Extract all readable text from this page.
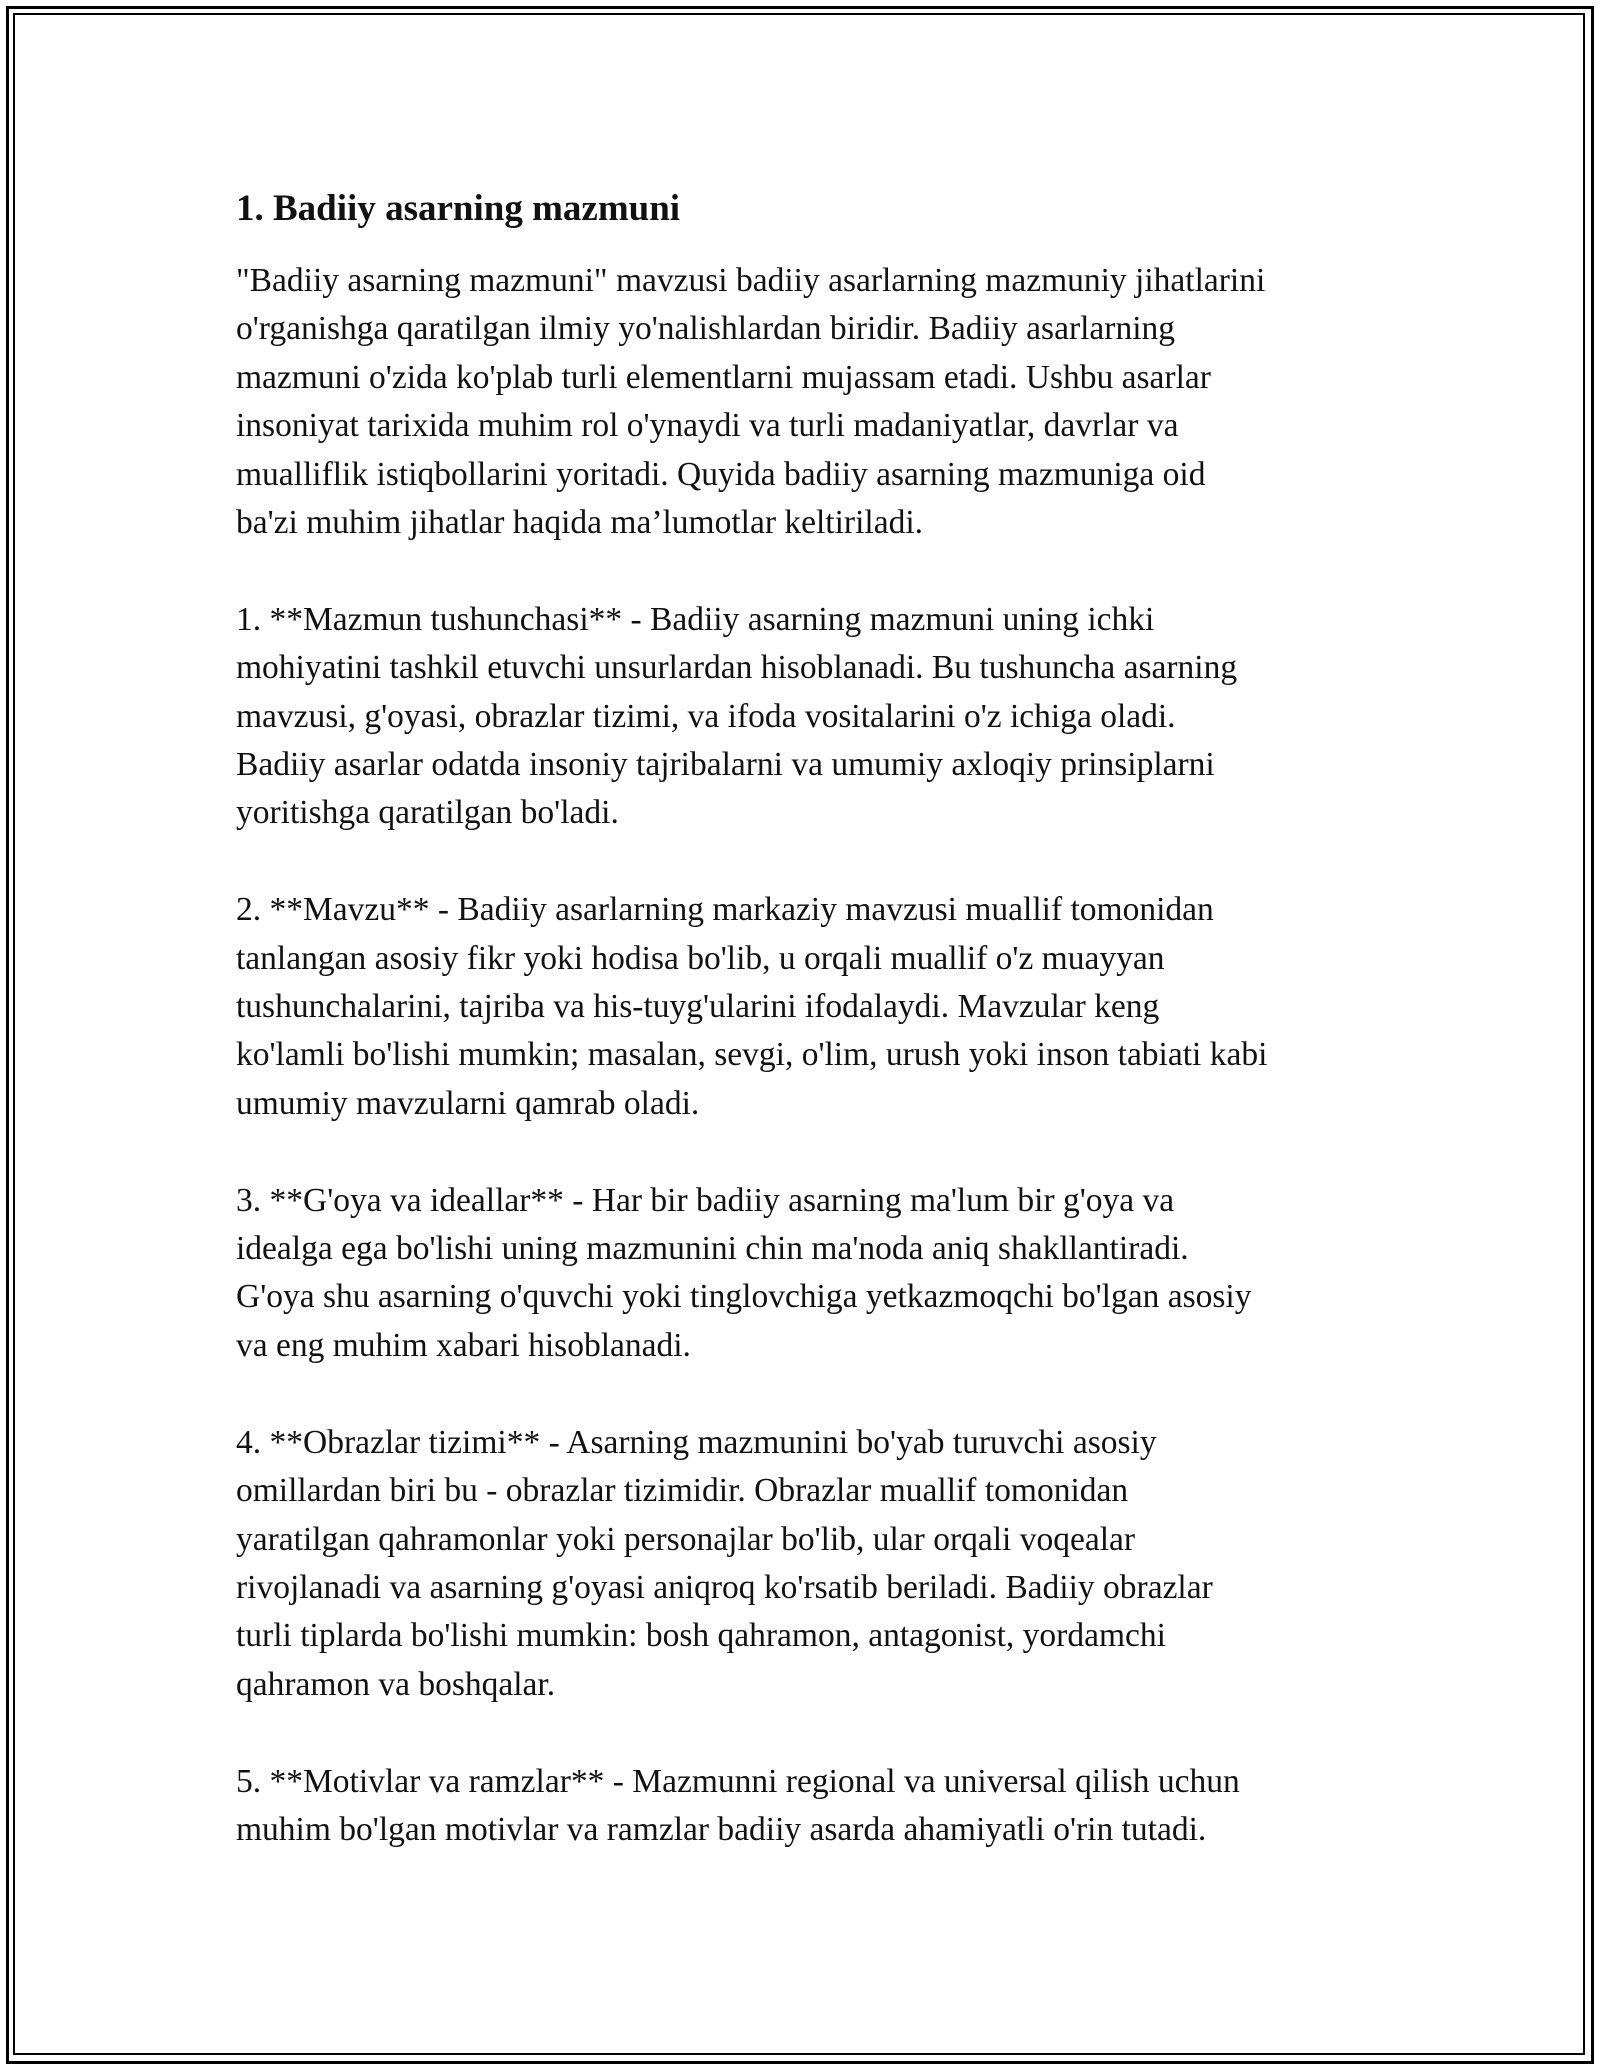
1. Badiiy asarning mazmuni

"Badiiy asarning mazmuni" mavzusi badiiy asarlarning mazmuniy jihatlarini
o'rganishga qaratilgan ilmiy yo'nalishlardan biridir. Badiiy asarlarning
mazmuni o'zida ko'plab turli elementlarni mujassam etadi. Ushbu asarlar
insoniyat tarixida muhim rol o'ynaydi va turli madaniyatlar, davrlar va
mualliflik istiqbollarini yoritadi. Quyida badiiy asarning mazmuniga oid
ba'zi muhim jihatlar haqida ma’lumotlar keltiriladi.

1. **Mazmun tushunchasi** - Badiiy asarning mazmuni uning ichki
mohiyatini tashkil etuvchi unsurlardan hisoblanadi. Bu tushuncha asarning
mavzusi, g'oyasi, obrazlar tizimi, va ifoda vositalarini o'z ichiga oladi.
Badiiy asarlar odatda insoniy tajribalarni va umumiy axloqiy prinsiplarni
yoritishga qaratilgan bo'ladi.

2. **Mavzu** - Badiiy asarlarning markaziy mavzusi muallif tomonidan
tanlangan asosiy fikr yoki hodisa bo'lib, u orqali muallif o'z muayyan
tushunchalarini, tajriba va his-tuyg'ularini ifodalaydi. Mavzular keng
ko'lamli bo'lishi mumkin; masalan, sevgi, o'lim, urush yoki inson tabiati kabi
umumiy mavzularni qamrab oladi.

3. **G'oya va ideallar** - Har bir badiiy asarning ma'lum bir g'oya va
idealga ega bo'lishi uning mazmunini chin ma'noda aniq shakllantiradi.
G'oya shu asarning o'quvchi yoki tinglovchiga yetkazmoqchi bo'lgan asosiy
va eng muhim xabari hisoblanadi.

4. **Obrazlar tizimi** - Asarning mazmunini bo'yab turuvchi asosiy
omillardan biri bu - obrazlar tizimidir. Obrazlar muallif tomonidan
yaratilgan qahramonlar yoki personajlar bo'lib, ular orqali voqealar
rivojlanadi va asarning g'oyasi aniqroq ko'rsatib beriladi. Badiiy obrazlar
turli tiplarda bo'lishi mumkin: bosh qahramon, antagonist, yordamchi
qahramon va boshqalar.

5. **Motivlar va ramzlar** - Mazmunni regional va universal qilish uchun
muhim bo'lgan motivlar va ramzlar badiiy asarda ahamiyatli o'rin tutadi.
